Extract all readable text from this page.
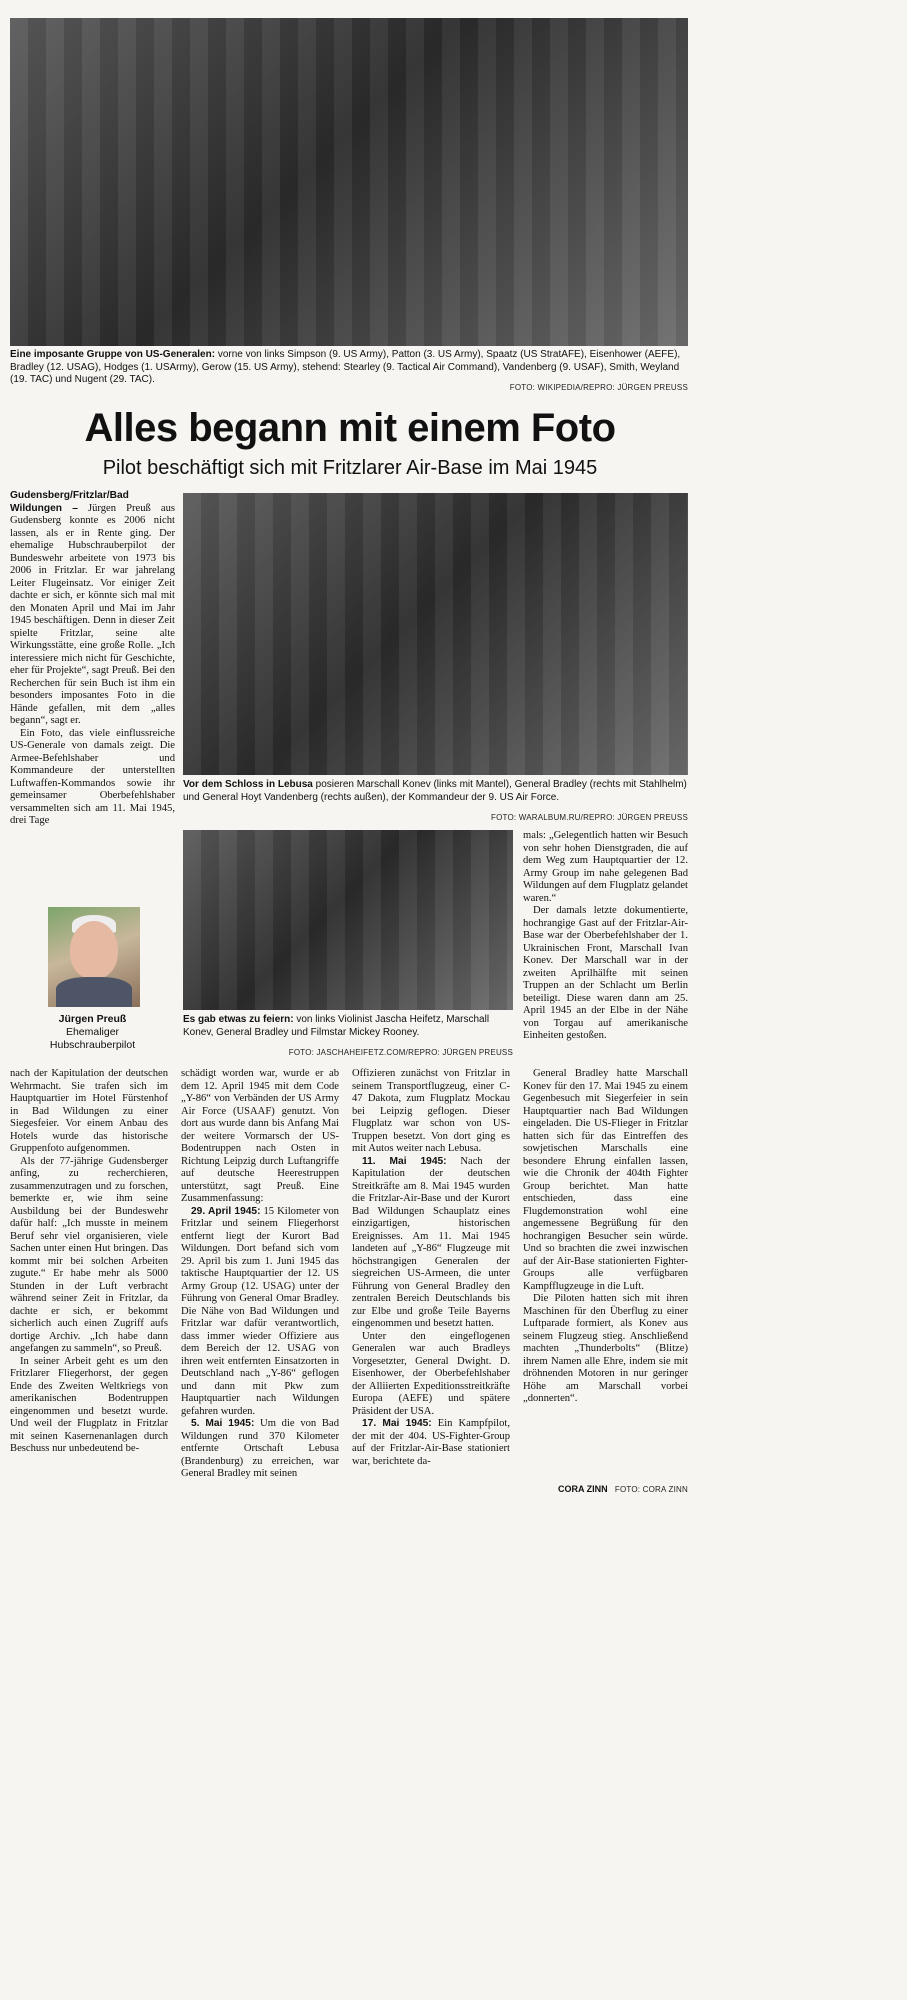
Eine imposante Gruppe von US-Generalen: vorne von links Simpson (9. US Army), Patton (3. US Army), Spaatz (US StratAFE), Eisenhower (AEFE), Bradley (12. USAG), Hodges (1. USArmy), Gerow (15. US Army), stehend: Stearley (9. Tactical Air Command), Vandenberg (9. USAF), Smith, Weyland (19. TAC) und Nugent (29. TAC).
FOTO: WIKIPEDIA/REPRO: JÜRGEN PREUSS
Alles begann mit einem Foto
Pilot beschäftigt sich mit Fritzlarer Air-Base im Mai 1945

Gudensberg/Fritzlar/Bad Wildungen – Jürgen Preuß aus Gudensberg konnte es 2006 nicht lassen, als er in Rente ging. Der ehemalige Hubschrauberpilot der Bundeswehr arbeitete von 1973 bis 2006 in Fritzlar. Er war jahrelang Leiter Flugeinsatz. Vor einiger Zeit dachte er sich, er könnte sich mal mit den Monaten April und Mai im Jahr 1945 beschäftigen. Denn in dieser Zeit spielte Fritzlar, seine alte Wirkungsstätte, eine große Rolle. „Ich interessiere mich nicht für Geschichte, eher für Projekte“, sagt Preuß. Bei den Recherchen für sein Buch ist ihm ein besonders imposantes Foto in die Hände gefallen, mit dem „alles begann“, sagt er.

Ein Foto, das viele einflussreiche US-Generale von damals zeigt. Die Armee-Befehlshaber und Kommandeure der unterstellten Luftwaffen-Kommandos sowie ihr gemeinsamer Oberbefehlshaber versammelten sich am 11. Mai 1945, drei Tage

Jürgen Preuß
Ehemaliger
Hubschrauberpilot
Vor dem Schloss in Lebusa posieren Marschall Konev (links mit Mantel), General Bradley (rechts mit Stahlhelm) und General Hoyt Vandenberg (rechts außen), der Kommandeur der 9. US Air Force.
FOTO: WARALBUM.RU/REPRO: JÜRGEN PREUSS
Es gab etwas zu feiern: von links Violinist Jascha Heifetz, Marschall Konev, General Bradley und Filmstar Mickey Rooney.
FOTO: JASCHAHEIFETZ.COM/REPRO: JÜRGEN PREUSS

mals: „Gelegentlich hatten wir Besuch von sehr hohen Dienstgraden, die auf dem Weg zum Hauptquartier der 12. Army Group im nahe gelegenen Bad Wildungen auf dem Flugplatz gelandet waren.“

Der damals letzte dokumentierte, hochrangige Gast auf der Fritzlar-Air-Base war der Oberbefehlshaber der 1. Ukrainischen Front, Marschall Ivan Konev. Der Marschall war in der zweiten Aprilhälfte mit seinen Truppen an der Schlacht um Berlin beteiligt. Diese waren dann am 25. April 1945 an der Elbe in der Nähe von Torgau auf amerikanische Einheiten gestoßen.

nach der Kapitulation der deutschen Wehrmacht. Sie trafen sich im Hauptquartier im Hotel Fürstenhof in Bad Wildungen zu einer Siegesfeier. Vor einem Anbau des Hotels wurde das historische Gruppenfoto aufgenommen.

Als der 77-jährige Gudensberger anfing, zu recherchieren, zusammenzutragen und zu forschen, bemerkte er, wie ihm seine Ausbildung bei der Bundeswehr dafür half: „Ich musste in meinem Beruf sehr viel organisieren, viele Sachen unter einen Hut bringen. Das kommt mir bei solchen Arbeiten zugute.“ Er habe mehr als 5000 Stunden in der Luft verbracht während seiner Zeit in Fritzlar, da dachte er sich, er bekommt sicherlich auch einen Zugriff aufs dortige Archiv. „Ich habe dann angefangen zu sammeln“, so Preuß.

In seiner Arbeit geht es um den Fritzlarer Fliegerhorst, der gegen Ende des Zweiten Weltkriegs von amerikanischen Bodentruppen eingenommen und besetzt wurde. Und weil der Flugplatz in Fritzlar mit seinen Kasernenanlagen durch Beschuss nur unbedeutend be-

schädigt worden war, wurde er ab dem 12. April 1945 mit dem Code „Y-86“ von Verbänden der US Army Air Force (USAAF) genutzt. Von dort aus wurde dann bis Anfang Mai der weitere Vormarsch der US-Bodentruppen nach Osten in Richtung Leipzig durch Luftangriffe auf deutsche Heerestruppen unterstützt, sagt Preuß. Eine Zusammenfassung:

29. April 1945: 15 Kilometer von Fritzlar und seinem Fliegerhorst entfernt liegt der Kurort Bad Wildungen. Dort befand sich vom 29. April bis zum 1. Juni 1945 das taktische Hauptquartier der 12. US Army Group (12. USAG) unter der Führung von General Omar Bradley. Die Nähe von Bad Wildungen und Fritzlar war dafür verantwortlich, dass immer wieder Offiziere aus dem Bereich der 12. USAG von ihren weit entfernten Einsatzorten in Deutschland nach „Y-86“ geflogen und dann mit Pkw zum Hauptquartier nach Wildungen gefahren wurden.

5. Mai 1945: Um die von Bad Wildungen rund 370 Kilometer entfernte Ortschaft Lebusa (Brandenburg) zu erreichen, war General Bradley mit seinen

Offizieren zunächst von Fritzlar in seinem Transportflugzeug, einer C-47 Dakota, zum Flugplatz Mockau bei Leipzig geflogen. Dieser Flugplatz war schon von US-Truppen besetzt. Von dort ging es mit Autos weiter nach Lebusa.

11. Mai 1945: Nach der Kapitulation der deutschen Streitkräfte am 8. Mai 1945 wurden die Fritzlar-Air-Base und der Kurort Bad Wildungen Schauplatz eines einzigartigen, historischen Ereignisses. Am 11. Mai 1945 landeten auf „Y-86“ Flugzeuge mit höchstrangigen Generalen der siegreichen US-Armeen, die unter Führung von General Bradley den zentralen Bereich Deutschlands bis zur Elbe und große Teile Bayerns eingenommen und besetzt hatten.

Unter den eingeflogenen Generalen war auch Bradleys Vorgesetzter, General Dwight. D. Eisenhower, der Oberbefehlshaber der Alliierten Expeditionsstreitkräfte Europa (AEFE) und spätere Präsident der USA.

17. Mai 1945: Ein Kampfpilot, der mit der 404. US-Fighter-Group auf der Fritzlar-Air-Base stationiert war, berichtete da-

General Bradley hatte Marschall Konev für den 17. Mai 1945 zu einem Gegenbesuch mit Siegerfeier in sein Hauptquartier nach Bad Wildungen eingeladen. Die US-Flieger in Fritzlar hatten sich für das Eintreffen des sowjetischen Marschalls eine besondere Ehrung einfallen lassen, wie die Chronik der 404th Fighter Group berichtet. Man hatte entschieden, dass eine Flugdemonstration wohl eine angemessene Begrüßung für den hochrangigen Besucher sein würde. Und so brachten die zwei inzwischen auf der Air-Base stationierten Fighter-Groups alle verfügbaren Kampfflugzeuge in die Luft.

Die Piloten hatten sich mit ihren Maschinen für den Überflug zu einer Luftparade formiert, als Konev aus seinem Flugzeug stieg. Anschließend machten „Thunderbolts“ (Blitze) ihrem Namen alle Ehre, indem sie mit dröhnenden Motoren in nur geringer Höhe am Marschall vorbei „donnerten“.

CORA ZINN FOTO: CORA ZINN
